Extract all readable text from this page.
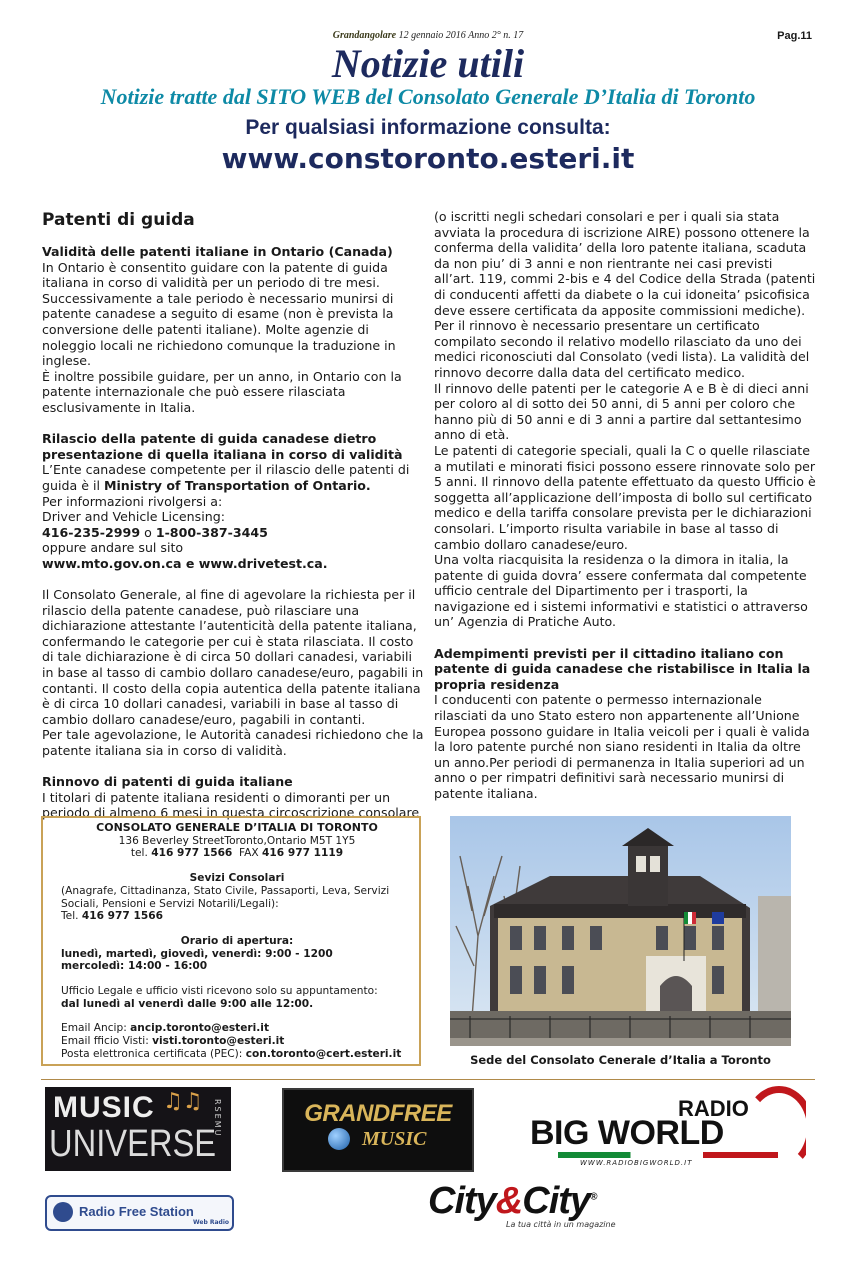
Grandangolare 12 gennaio 2016 Anno 2° n. 17	Pag.11
Notizie utili
Notizie tratte dal SITO WEB del Consolato Generale D’Italia di Toronto
Per qualsiasi informazione consulta:
www.constoronto.esteri.it

Patenti di guida

Validità delle patenti italiane in Ontario (Canada)

In Ontario è consentito guidare con la patente di guida italiana in corso di validità per un periodo di tre mesi.

Successivamente a tale periodo è necessario munirsi di patente canadese a seguito di esame (non è prevista la conversione delle patenti italiane). Molte agenzie di noleggio locali ne richiedono comunque la traduzione in inglese.

È inoltre possibile guidare, per un anno, in Ontario con la patente internazionale che può essere rilasciata esclusivamente in Italia.

Rilascio della patente di guida canadese dietro presentazione di quella italiana in corso di validità

L’Ente canadese competente per il rilascio delle patenti di guida è il Ministry of Transportation of Ontario.

Per informazioni rivolgersi a:

Driver and Vehicle Licensing:

416-235-2999 o 1-800-387-3445

oppure andare sul sito

www.mto.gov.on.ca e www.drivetest.ca.

Il Consolato Generale, al fine di agevolare la richiesta per il rilascio della patente canadese, può rilasciare una dichiarazione attestante l’autenticità della patente italiana, confermando le categorie per cui è stata rilasciata. Il costo di tale dichiarazione è di circa 50 dollari canadesi, variabili in base al tasso di cambio dollaro canadese/euro, pagabili in contanti. Il costo della copia autentica della patente italiana è di circa 10 dollari canadesi, variabili in base al tasso di cambio dollaro canadese/euro, pagabili in contanti.

Per tale agevolazione, le Autorità canadesi richiedono che la patente italiana sia in corso di validità.

Rinnovo di patenti di guida italiane

I titolari di patente italiana residenti o dimoranti per un periodo di almeno 6 mesi in questa circoscrizione consolare

(o iscritti negli schedari consolari e per i quali sia stata avviata la procedura di iscrizione AIRE) possono ottenere la conferma della validita’ della loro patente italiana, scaduta da non piu’ di 3 anni e non rientrante nei casi previsti all’art. 119, commi 2-bis e 4 del Codice della Strada (patenti di conducenti affetti da diabete o la cui idoneita’ psicofisica deve essere certificata da apposite commissioni mediche).

Per il rinnovo è necessario presentare un certificato compilato secondo il relativo modello rilasciato da uno dei medici riconosciuti dal Consolato (vedi lista). La validità del rinnovo decorre dalla data del certificato medico.

Il rinnovo delle patenti per le categorie A e B è di dieci anni per coloro al di sotto dei 50 anni, di 5 anni per coloro che hanno più di 50 anni e di 3 anni a partire dal settantesimo anno di età.

Le patenti di categorie speciali, quali la C o quelle rilasciate a mutilati e minorati fisici possono essere rinnovate solo per 5 anni. Il rinnovo della patente effettuato da questo Ufficio è soggetta all’applicazione dell’imposta di bollo sul certificato medico e della tariffa consolare prevista per le dichiarazioni consolari. L’importo risulta variabile in base al tasso di cambio dollaro canadese/euro.

Una volta riacquisita la residenza o la dimora in italia, la patente di guida dovra’ essere confermata dal competente ufficio centrale del Dipartimento per i trasporti, la navigazione ed i sistemi informativi e statistici o attraverso un’ Agenzia di Pratiche Auto.

Adempimenti previsti per il cittadino italiano con patente di guida canadese che ristabilisce in Italia la propria residenza

I conducenti con patente o permesso internazionale rilasciati da uno Stato estero non appartenente all’Unione Europea possono guidare in Italia veicoli per i quali è valida la loro patente purché non siano residenti in Italia da oltre un anno.Per periodi di permanenza in Italia superiori ad un anno o per rimpatri definitivi sarà necessario munirsi di patente italiana.

CONSOLATO GENERALE D’ITALIA DI TORONTO

136 Beverley StreetToronto,Ontario M5T 1Y5

tel. 416 977 1566  FAX 416 977 1119

Sevizi Consolari

(Anagrafe, Cittadinanza, Stato Civile, Passaporti, Leva, Servizi Sociali, Pensioni e Servizi Notarili/Legali):

Tel. 416 977 1566

Orario di apertura:

lunedì, martedì, giovedì, venerdì: 9:00 - 1200

mercoledì: 14:00 - 16:00

Ufficio Legale e ufficio visti ricevono solo su appuntamento:

dal lunedì al venerdì dalle 9:00 alle 12:00.

Email Ancip: ancip.toronto@esteri.it

Email fficio Visti: visti.toronto@esteri.it

Posta elettronica certificata (PEC): con.toronto@cert.esteri.it	Sede del Consolato Cenerale d’Italia a Toronto
MUSIC
UNIVERSE
RSEMU
♫♫	GRANDFREE
MUSIC
RADIO
BIG WORLD
WWW.RADIOBIGWORLD.IT
Radio Free Station
Web Radio
City&City®
La tua città in un magazine
